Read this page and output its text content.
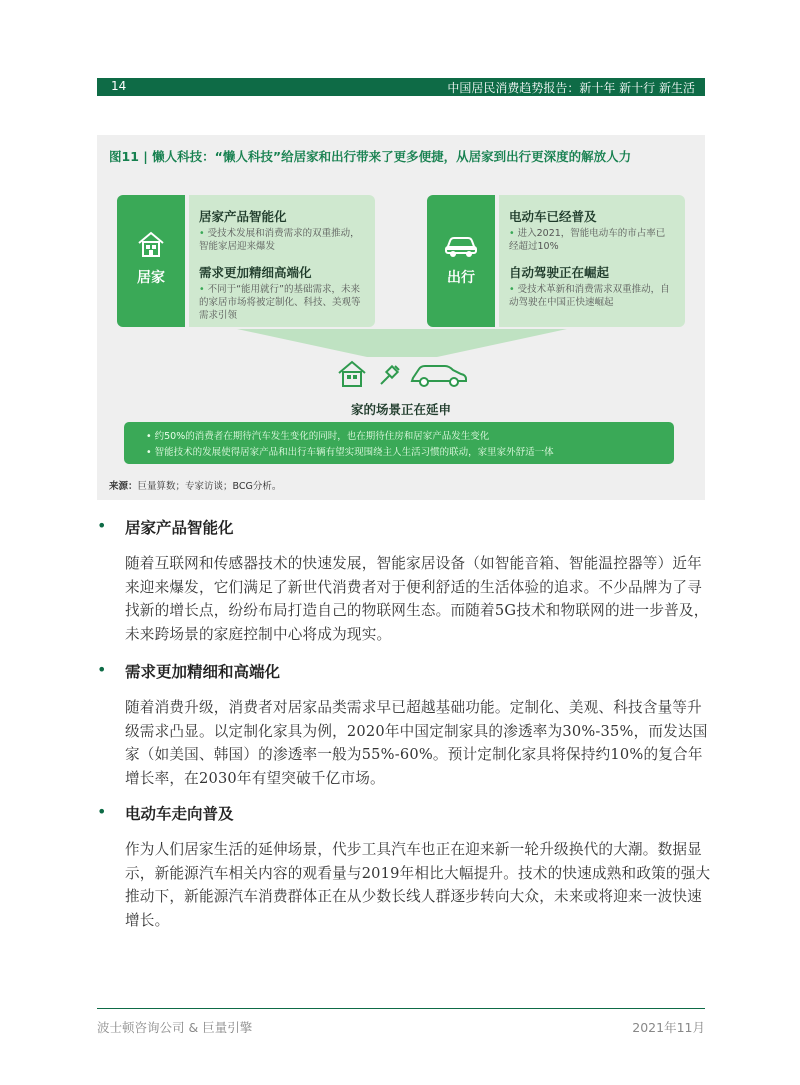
14	中国居民消费趋势报告：新十年 新十行 新生活
图11 | 懒人科技：“懒人科技”给居家和出行带来了更多便捷，从居家到出行更深度的解放人力
居家
居家产品智能化
• 受技术发展和消费需求的双重推动，智能家居迎来爆发
需求更加精细高端化
• 不同于“能用就行”的基础需求，未来的家居市场将被定制化、科技、美观等需求引领
出行
电动车已经普及
• 进入2021，智能电动车的市占率已经超过10%
自动驾驶正在崛起
• 受技术革新和消费需求双重推动，自动驾驶在中国正快速崛起
家的场景正在延申
• 约50%的消费者在期待汽车发生变化的同时，也在期待住房和居家产品发生变化
• 智能技术的发展使得居家产品和出行车辆有望实现围绕主人生活习惯的联动，家里家外舒适一体
来源：巨量算数；专家访谈；BCG分析。
• 居家产品智能化
随着互联网和传感器技术的快速发展，智能家居设备（如智能音箱、智能温控器等）近年来迎来爆发，它们满足了新世代消费者对于便利舒适的生活体验的追求。不少品牌为了寻找新的增长点，纷纷布局打造自己的物联网生态。而随着5G技术和物联网的进一步普及，未来跨场景的家庭控制中心将成为现实。
• 需求更加精细和高端化
随着消费升级，消费者对居家品类需求早已超越基础功能。定制化、美观、科技含量等升级需求凸显。以定制化家具为例，2020年中国定制家具的渗透率为30%-35%，而发达国家（如美国、韩国）的渗透率一般为55%-60%。预计定制化家具将保持约10%的复合年增长率，在2030年有望突破千亿市场。
• 电动车走向普及
作为人们居家生活的延伸场景，代步工具汽车也正在迎来新一轮升级换代的大潮。数据显示，新能源汽车相关内容的观看量与2019年相比大幅提升。技术的快速成熟和政策的强大推动下，新能源汽车消费群体正在从少数长线人群逐步转向大众，未来或将迎来一波快速增长。
波士顿咨询公司 & 巨量引擎	2021年11月
